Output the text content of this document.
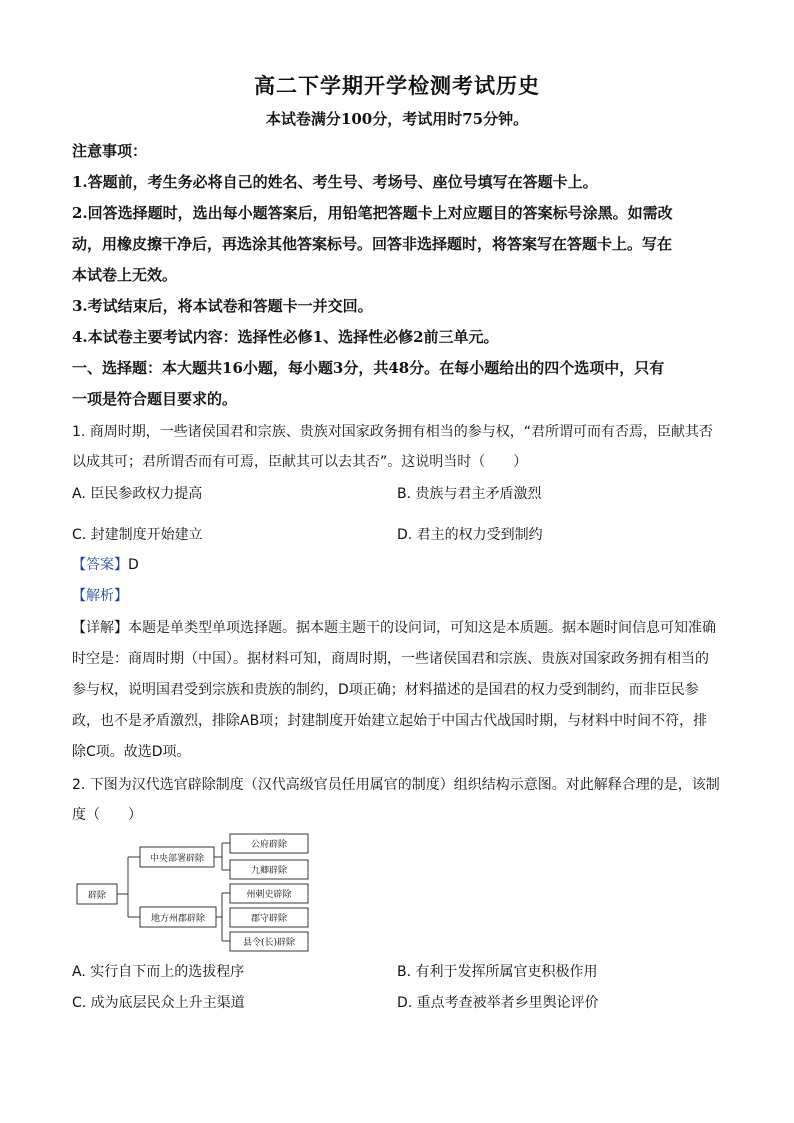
高二下学期开学检测考试历史
本试卷满分100分，考试用时75分钟。
注意事项：
1.答题前，考生务必将自己的姓名、考生号、考场号、座位号填写在答题卡上。
2.回答选择题时，选出每小题答案后，用铅笔把答题卡上对应题目的答案标号涂黑。如需改
动，用橡皮擦干净后，再选涂其他答案标号。回答非选择题时，将答案写在答题卡上。写在
本试卷上无效。
3.考试结束后，将本试卷和答题卡一并交回。
4.本试卷主要考试内容：选择性必修1、选择性必修2前三单元。
一、选择题：本大题共16小题，每小题3分，共48分。在每小题给出的四个选项中，只有
一项是符合题目要求的。
1. 商周时期，一些诸侯国君和宗族、贵族对国家政务拥有相当的参与权，“君所谓可而有否焉，臣献其否
以成其可；君所谓否而有可焉，臣献其可以去其否”。这说明当时（　　）
A. 臣民参政权力提高	B. 贵族与君主矛盾激烈
C. 封建制度开始建立	D. 君主的权力受到制约
【答案】D
【解析】
【详解】本题是单类型单项选择题。据本题主题干的设问词，可知这是本质题。据本题时间信息可知准确
时空是：商周时期（中国）。据材料可知，商周时期，一些诸侯国君和宗族、贵族对国家政务拥有相当的
参与权，说明国君受到宗族和贵族的制约，D项正确；材料描述的是国君的权力受到制约，而非臣民参
政，也不是矛盾激烈，排除AB项；封建制度开始建立起始于中国古代战国时期，与材料中时间不符，排
除C项。故选D项。
2. 下图为汉代选官辟除制度（汉代高级官员任用属官的制度）组织结构示意图。对此解释合理的是，该制
度（　　）
辟除
中央部署辟除
地方州郡辟除
公府辟除
九卿辟除
州刺史辟除
郡守辟除
县令(长)辟除
A. 实行自下而上的选拔程序	B. 有利于发挥所属官吏积极作用
C. 成为底层民众上升主渠道	D. 重点考查被举者乡里舆论评价
